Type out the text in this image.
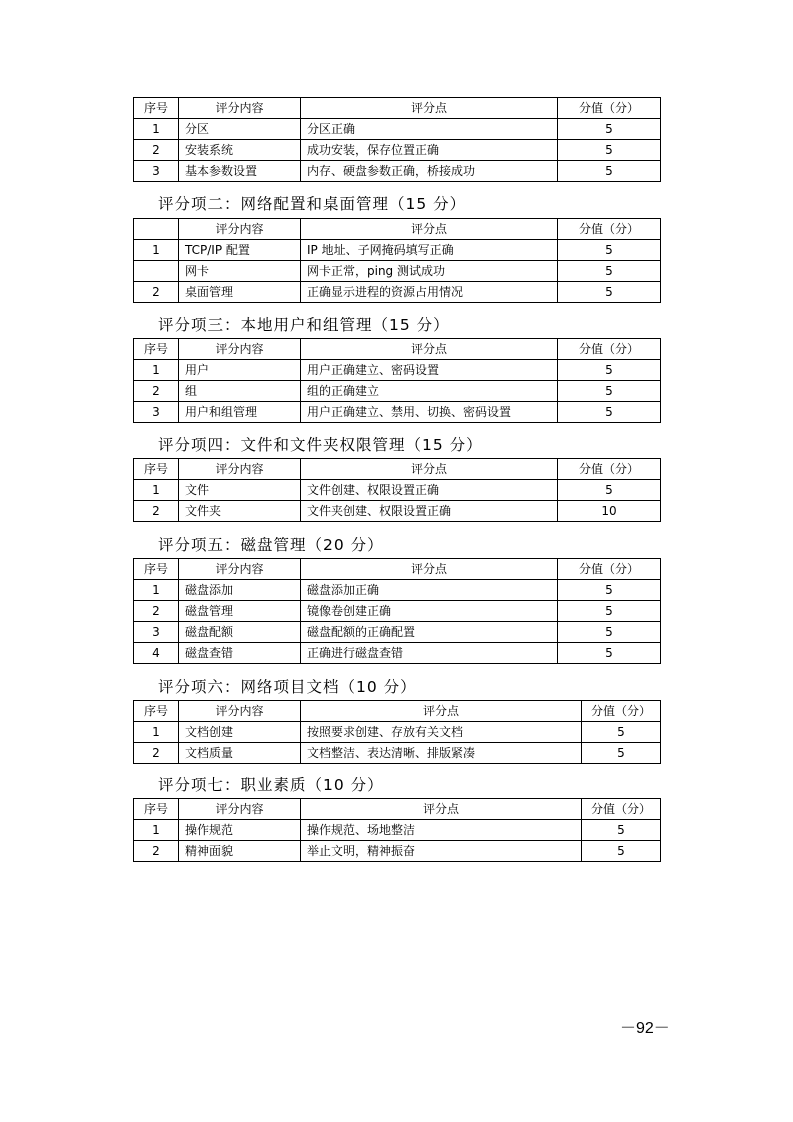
序号	评分内容	评分点	分值（分）
1	分区	分区正确	5
2	安装系统	成功安装，保存位置正确	5
3	基本参数设置	内存、硬盘参数正确，桥接成功	5
评分项二：网络配置和桌面管理（15 分）
	评分内容	评分点	分值（分）
1	TCP/IP 配置	IP 地址、子网掩码填写正确	5
	网卡	网卡正常，ping 测试成功	5
2	桌面管理	正确显示进程的资源占用情况	5
评分项三：本地用户和组管理（15 分）
序号	评分内容	评分点	分值（分）
1	用户	用户正确建立、密码设置	5
2	组	组的正确建立	5
3	用户和组管理	用户正确建立、禁用、切换、密码设置	5
评分项四：文件和文件夹权限管理（15 分）
序号	评分内容	评分点	分值（分）
1	文件	文件创建、权限设置正确	5
2	文件夹	文件夹创建、权限设置正确	10
评分项五：磁盘管理（20 分）
序号	评分内容	评分点	分值（分）
1	磁盘添加	磁盘添加正确	5
2	磁盘管理	镜像卷创建正确	5
3	磁盘配额	磁盘配额的正确配置	5
4	磁盘查错	正确进行磁盘查错	5
评分项六：网络项目文档（10 分）
序号	评分内容	评分点	分值（分）
1	文档创建	按照要求创建、存放有关文档	5
2	文档质量	文档整洁、表达清晰、排版紧凑	5
评分项七：职业素质（10 分）
序号	评分内容	评分点	分值（分）
1	操作规范	操作规范、场地整洁	5
2	精神面貌	举止文明，精神振奋	5
－92－
